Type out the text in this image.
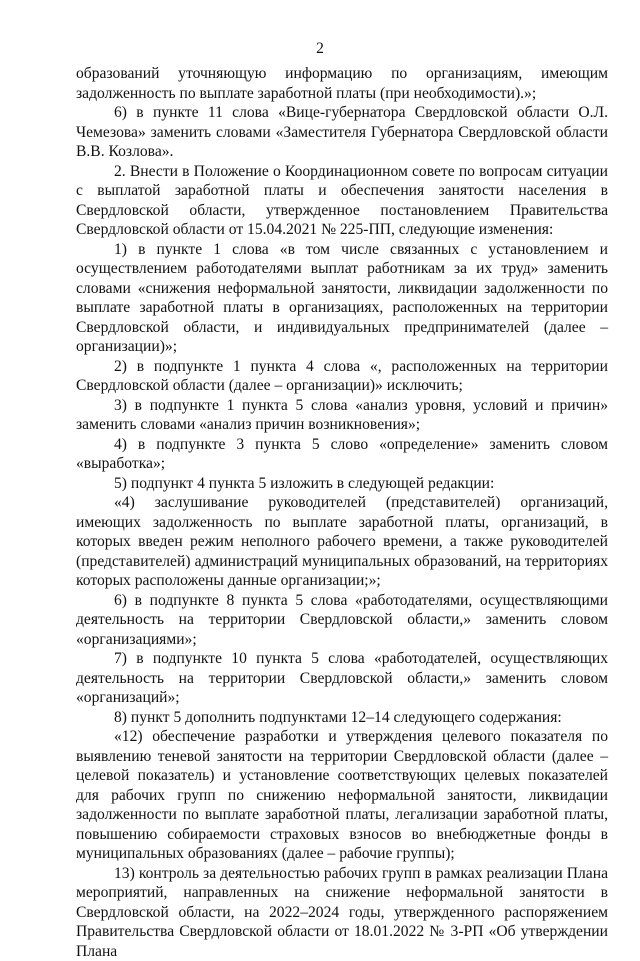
2

образований уточняющую информацию по организациям, имеющим задолженность по выплате заработной платы (при необходимости).»;

6) в пункте 11 слова «Вице-губернатора Свердловской области О.Л. Чемезова» заменить словами «Заместителя Губернатора Свердловской области В.В. Козлова».

2. Внести в Положение о Координационном совете по вопросам ситуации с выплатой заработной платы и обеспечения занятости населения в Свердловской области, утвержденное постановлением Правительства Свердловской области от 15.04.2021 № 225-ПП, следующие изменения:

1) в пункте 1 слова «в том числе связанных с установлением и осуществлением работодателями выплат работникам за их труд» заменить словами «снижения неформальной занятости, ликвидации задолженности по выплате заработной платы в организациях, расположенных на территории Свердловской области, и индивидуальных предпринимателей (далее – организации)»;

2) в подпункте 1 пункта 4 слова «, расположенных на территории Свердловской области (далее – организации)» исключить;

3) в подпункте 1 пункта 5 слова «анализ уровня, условий и причин» заменить словами «анализ причин возникновения»;

4) в подпункте 3 пункта 5 слово «определение» заменить словом «выработка»;

5) подпункт 4 пункта 5 изложить в следующей редакции:

«4) заслушивание руководителей (представителей) организаций, имеющих задолженность по выплате заработной платы, организаций, в которых введен режим неполного рабочего времени, а также руководителей (представителей) администраций муниципальных образований, на территориях которых расположены данные организации;»;

6) в подпункте 8 пункта 5 слова «работодателями, осуществляющими деятельность на территории Свердловской области,» заменить словом «организациями»;

7) в подпункте 10 пункта 5 слова «работодателей, осуществляющих деятельность на территории Свердловской области,» заменить словом «организаций»;

8) пункт 5 дополнить подпунктами 12–14 следующего содержания:

«12) обеспечение разработки и утверждения целевого показателя по выявлению теневой занятости на территории Свердловской области (далее – целевой показатель) и установление соответствующих целевых показателей для рабочих групп по снижению неформальной занятости, ликвидации задолженности по выплате заработной платы, легализации заработной платы, повышению собираемости страховых взносов во внебюджетные фонды в муниципальных образованиях (далее – рабочие группы);

13) контроль за деятельностью рабочих групп в рамках реализации Плана мероприятий, направленных на снижение неформальной занятости в Свердловской области, на 2022–2024 годы, утвержденного распоряжением Правительства Свердловской области от 18.01.2022 № 3-РП «Об утверждении Плана
